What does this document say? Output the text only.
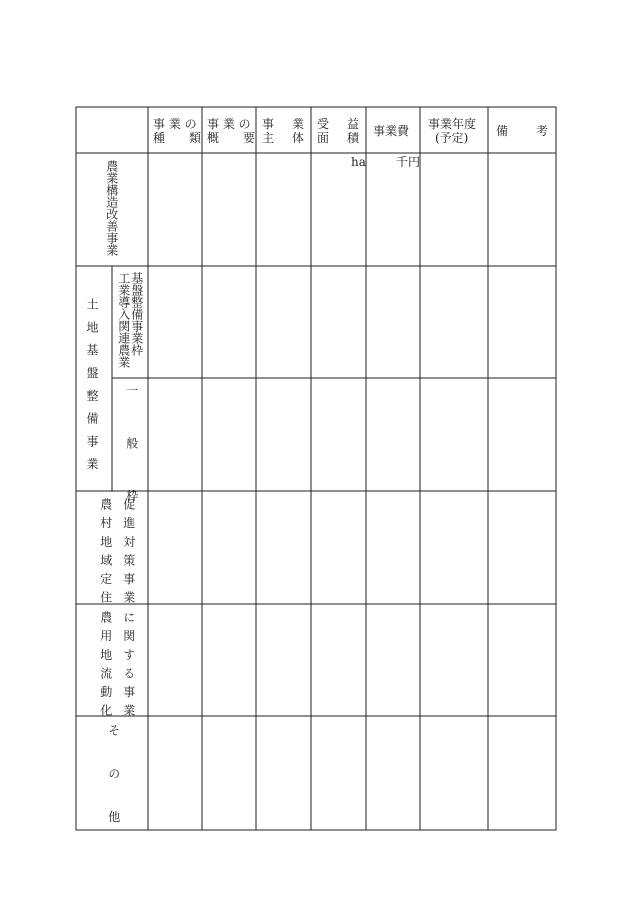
事 業 の
種　　類
事 業 の
概　　要
事 業
主 体
受 益
面 積 事業費 事業年度
(予定) 備 考
ha	千円
農業構造改善事業
土地基盤整備事業	基盤整備事業枠
工業導入関連農業
一　般　枠
促進対策事業
農村地域定住
に関する事業
農用地流動化
そ　の　他
